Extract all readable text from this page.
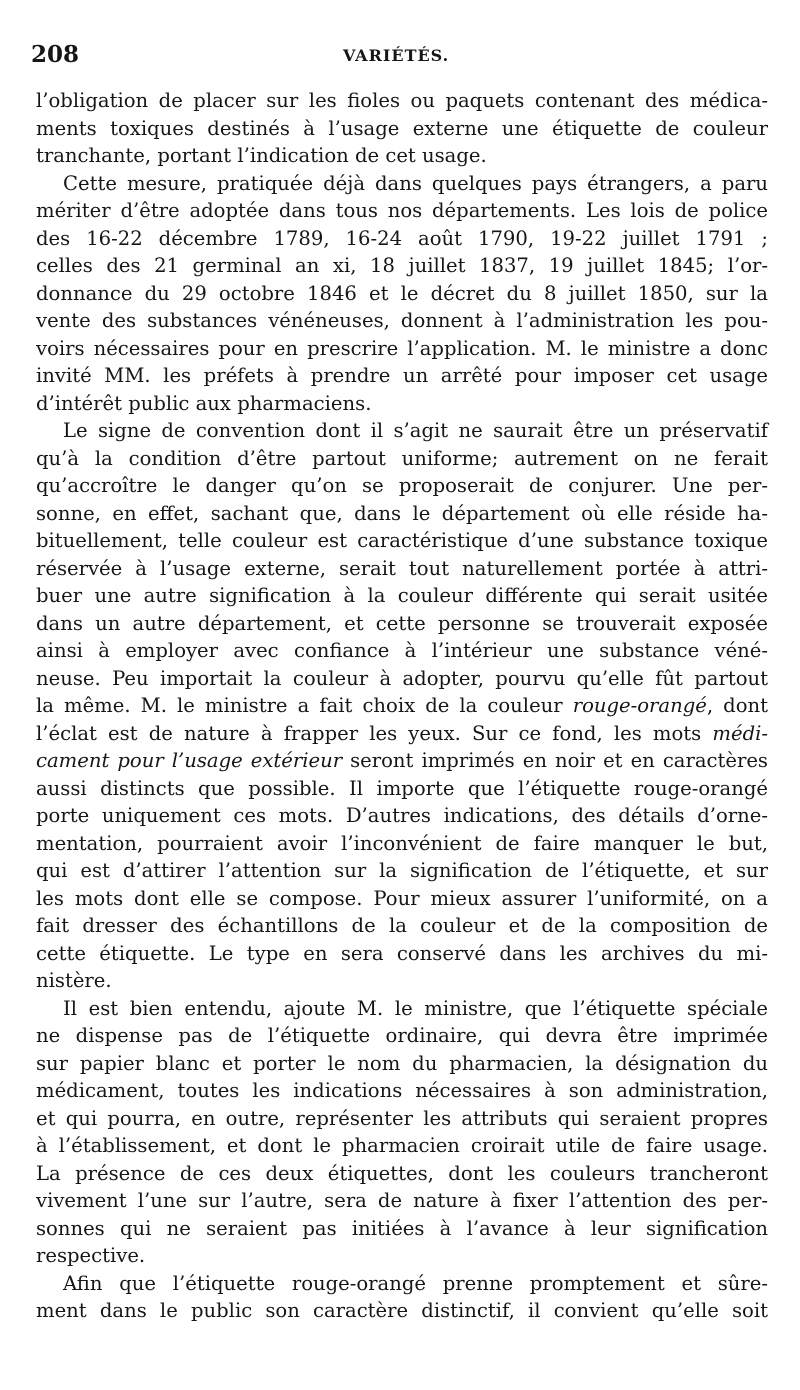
208	VARIÉTÉS.
l’obligation de placer sur les fioles ou paquets contenant des médica-
ments toxiques destinés à l’usage externe une étiquette de couleur
tranchante, portant l’indication de cet usage.
Cette mesure, pratiquée déjà dans quelques pays étrangers, a paru
mériter d’être adoptée dans tous nos départements. Les lois de police
des 16-22 décembre 1789, 16-24 août 1790, 19-22 juillet 1791 ;
celles des 21 germinal an xi, 18 juillet 1837, 19 juillet 1845; l’or-
donnance du 29 octobre 1846 et le décret du 8 juillet 1850, sur la
vente des substances vénéneuses, donnent à l’administration les pou-
voirs nécessaires pour en prescrire l’application. M. le ministre a donc
invité MM. les préfets à prendre un arrêté pour imposer cet usage
d’intérêt public aux pharmaciens.
Le signe de convention dont il s’agit ne saurait être un préservatif
qu’à la condition d’être partout uniforme; autrement on ne ferait
qu’accroître le danger qu’on se proposerait de conjurer. Une per-
sonne, en effet, sachant que, dans le département où elle réside ha-
bituellement, telle couleur est caractéristique d’une substance toxique
réservée à l’usage externe, serait tout naturellement portée à attri-
buer une autre signification à la couleur différente qui serait usitée
dans un autre département, et cette personne se trouverait exposée
ainsi à employer avec confiance à l’intérieur une substance véné-
neuse. Peu importait la couleur à adopter, pourvu qu’elle fût partout
la même. M. le ministre a fait choix de la couleur rouge-orangé, dont
l’éclat est de nature à frapper les yeux. Sur ce fond, les mots médi-
cament pour l’usage extérieur seront imprimés en noir et en caractères
aussi distincts que possible. Il importe que l’étiquette rouge-orangé
porte uniquement ces mots. D’autres indications, des détails d’orne-
mentation, pourraient avoir l’inconvénient de faire manquer le but,
qui est d’attirer l’attention sur la signification de l’étiquette, et sur
les mots dont elle se compose. Pour mieux assurer l’uniformité, on a
fait dresser des échantillons de la couleur et de la composition de
cette étiquette. Le type en sera conservé dans les archives du mi-
nistère.
Il est bien entendu, ajoute M. le ministre, que l’étiquette spéciale
ne dispense pas de l’étiquette ordinaire, qui devra être imprimée
sur papier blanc et porter le nom du pharmacien, la désignation du
médicament, toutes les indications nécessaires à son administration,
et qui pourra, en outre, représenter les attributs qui seraient propres
à l’établissement, et dont le pharmacien croirait utile de faire usage.
La présence de ces deux étiquettes, dont les couleurs trancheront
vivement l’une sur l’autre, sera de nature à fixer l’attention des per-
sonnes qui ne seraient pas initiées à l’avance à leur signification
respective.
Afin que l’étiquette rouge-orangé prenne promptement et sûre-
ment dans le public son caractère distinctif, il convient qu’elle soit
